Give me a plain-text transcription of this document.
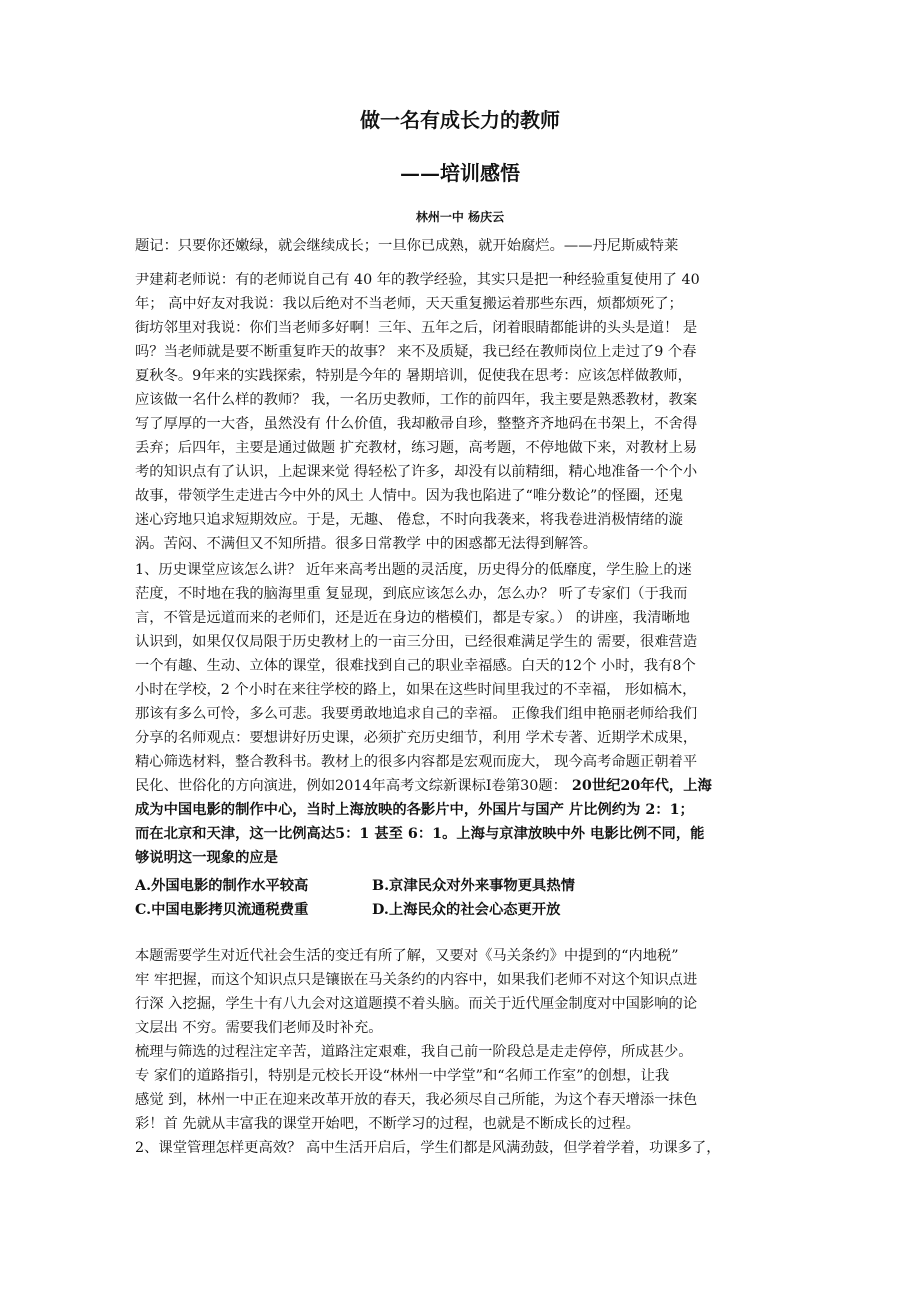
做一名有成长力的教师
——培训感悟
林州一中 杨庆云
题记：只要你还嫩绿，就会继续成长；一旦你已成熟，就开始腐烂。——丹尼斯威特莱
尹建莉老师说：有的老师说自己有 40 年的教学经验，其实只是把一种经验重复使用了 40
年； 高中好友对我说：我以后绝对不当老师，天天重复搬运着那些东西，烦都烦死了；
街坊邻里对我说：你们当老师多好啊！三年、五年之后，闭着眼睛都能讲的头头是道！ 是
吗？当老师就是要不断重复昨天的故事？ 来不及质疑，我已经在教师岗位上走过了9 个春
夏秋冬。9年来的实践探索，特别是今年的 暑期培训，促使我在思考：应该怎样做教师，
应该做一名什么样的教师？ 我，一名历史教师，工作的前四年，我主要是熟悉教材，教案
写了厚厚的一大沓，虽然没有 什么价值，我却敝帚自珍，整整齐齐地码在书架上，不舍得
丢弃；后四年，主要是通过做题 扩充教材，练习题，高考题，不停地做下来，对教材上易
考的知识点有了认识，上起课来觉 得轻松了许多，却没有以前精细，精心地准备一个个小
故事，带领学生走进古今中外的风土 人情中。因为我也陷进了“唯分数论”的怪圈，还鬼
迷心窍地只追求短期效应。于是，无趣、 倦怠，不时向我袭来，将我卷进消极情绪的漩
涡。苦闷、不满但又不知所措。很多日常教学 中的困惑都无法得到解答。
1、历史课堂应该怎么讲？ 近年来高考出题的灵活度，历史得分的低靡度，学生脸上的迷
茫度，不时地在我的脑海里重 复显现，到底应该怎么办，怎么办？ 听了专家们（于我而
言，不管是远道而来的老师们，还是近在身边的楷模们，都是专家。） 的讲座，我清晰地
认识到，如果仅仅局限于历史教材上的一亩三分田，已经很难满足学生的 需要，很难营造
一个有趣、生动、立体的课堂，很难找到自己的职业幸福感。白天的12个 小时，我有8个
小时在学校，2 个小时在来往学校的路上，如果在这些时间里我过的不幸福， 形如槁木，
那该有多么可怜，多么可悲。我要勇敢地追求自己的幸福。 正像我们组申艳丽老师给我们
分享的名师观点：要想讲好历史课，必须扩充历史细节，利用 学术专著、近期学术成果，
精心筛选材料，整合教科书。教材上的很多内容都是宏观而庞大， 现今高考命题正朝着平
民化、世俗化的方向演进，例如2014年高考文综新课标I卷第30题： 20世纪20年代，上海
成为中国电影的制作中心，当时上海放映的各影片中，外国片与国产 片比例约为 2：1；
而在北京和天津，这一比例高达5：1 甚至 6：1。上海与京津放映中外 电影比例不同，能
够说明这一现象的应是
A.外国电影的制作水平较高	B.京津民众对外来事物更具热情
C.中国电影拷贝流通税费重	D.上海民众的社会心态更开放
本题需要学生对近代社会生活的变迁有所了解，又要对《马关条约》中提到的“内地税”
牢 牢把握，而这个知识点只是镶嵌在马关条约的内容中，如果我们老师不对这个知识点进
行深 入挖掘，学生十有八九会对这道题摸不着头脑。而关于近代厘金制度对中国影响的论
文层出 不穷。需要我们老师及时补充。
梳理与筛选的过程注定辛苦，道路注定艰难，我自己前一阶段总是走走停停，所成甚少。
专 家们的道路指引，特别是元校长开设“林州一中学堂”和“名师工作室”的创想，让我
感觉 到，林州一中正在迎来改革开放的春天，我必须尽自己所能，为这个春天增添一抹色
彩！首 先就从丰富我的课堂开始吧，不断学习的过程，也就是不断成长的过程。
2、课堂管理怎样更高效？ 高中生活开启后，学生们都是风满劲鼓，但学着学着，功课多了，
